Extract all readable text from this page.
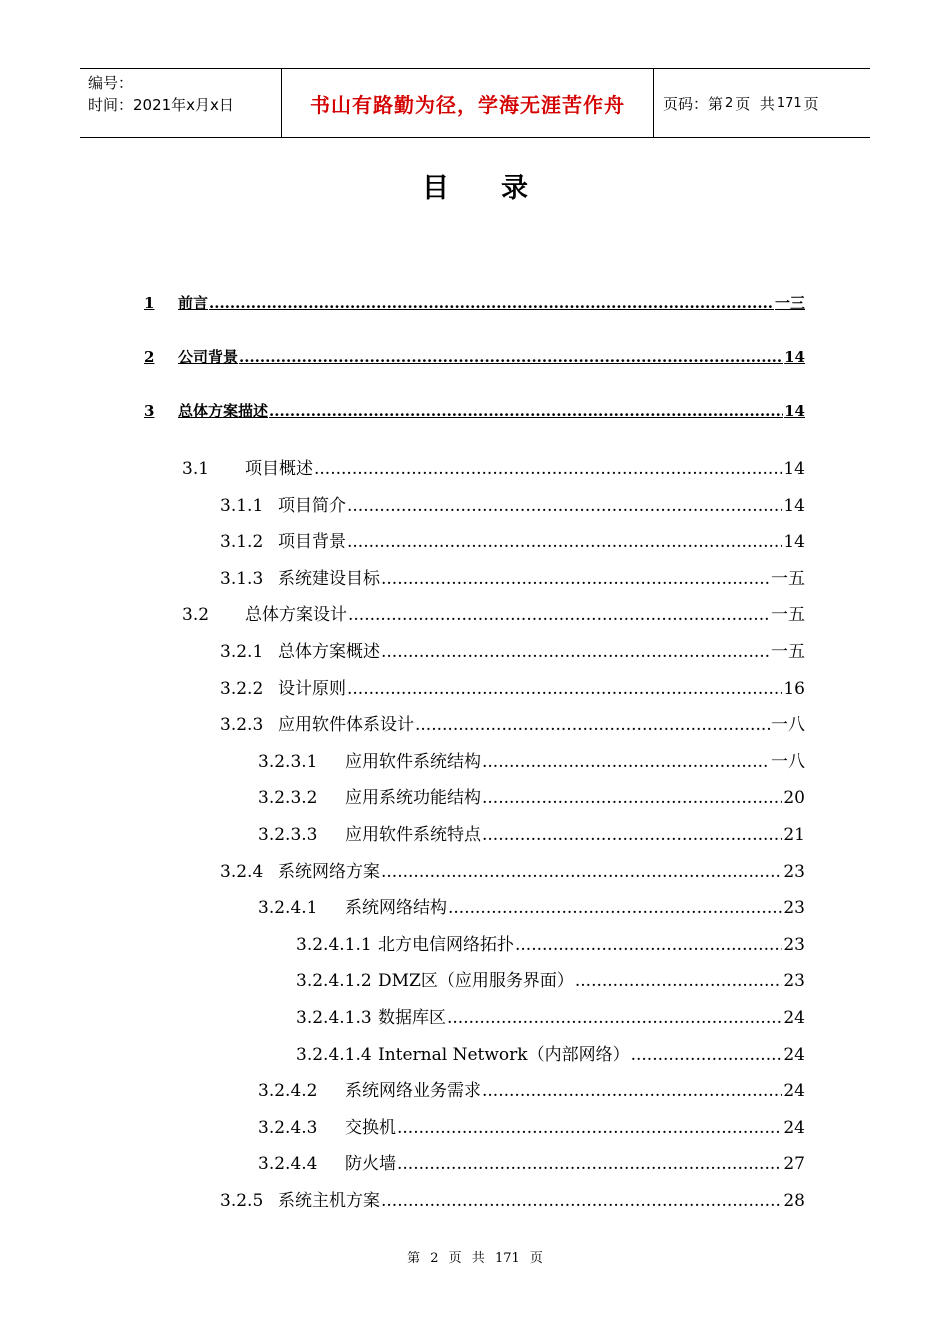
编号：
时间：2021年x月x日	书山有路勤为径，学海无涯苦作舟	页码：第 2 页  共 171 页
目录
1	前言 .....	一三
2	公司背景 .....	14
3	总体方案描述 .....	14
3.1	项目概述 .....	14
3.1.1 项目简介 .....	14
3.1.2 项目背景 .....	14
3.1.3 系统建设目标 .....	一五
3.2	总体方案设计 .....	一五
3.2.1 总体方案概述 .....	一五
3.2.2 设计原则 .....	16
3.2.3 应用软件体系设计 .....	一八
3.2.3.1	应用软件系统结构 .....	一八
3.2.3.2	应用系统功能结构 .....	20
3.2.3.3	应用软件系统特点 .....	21
3.2.4 系统网络方案 .....	23
3.2.4.1	系统网络结构 .....	23
3.2.4.1.1 北方电信网络拓扑 .....	23
3.2.4.1.2 DMZ区（应用服务界面） .....	23
3.2.4.1.3 数据库区 .....	24
3.2.4.1.4 Internal Network（内部网络） .....	24
3.2.4.2	系统网络业务需求 .....	24
3.2.4.3	交换机 .....	24
3.2.4.4	防火墙 .....	27
3.2.5 系统主机方案 .....	28
第 2 页 共 171 页
